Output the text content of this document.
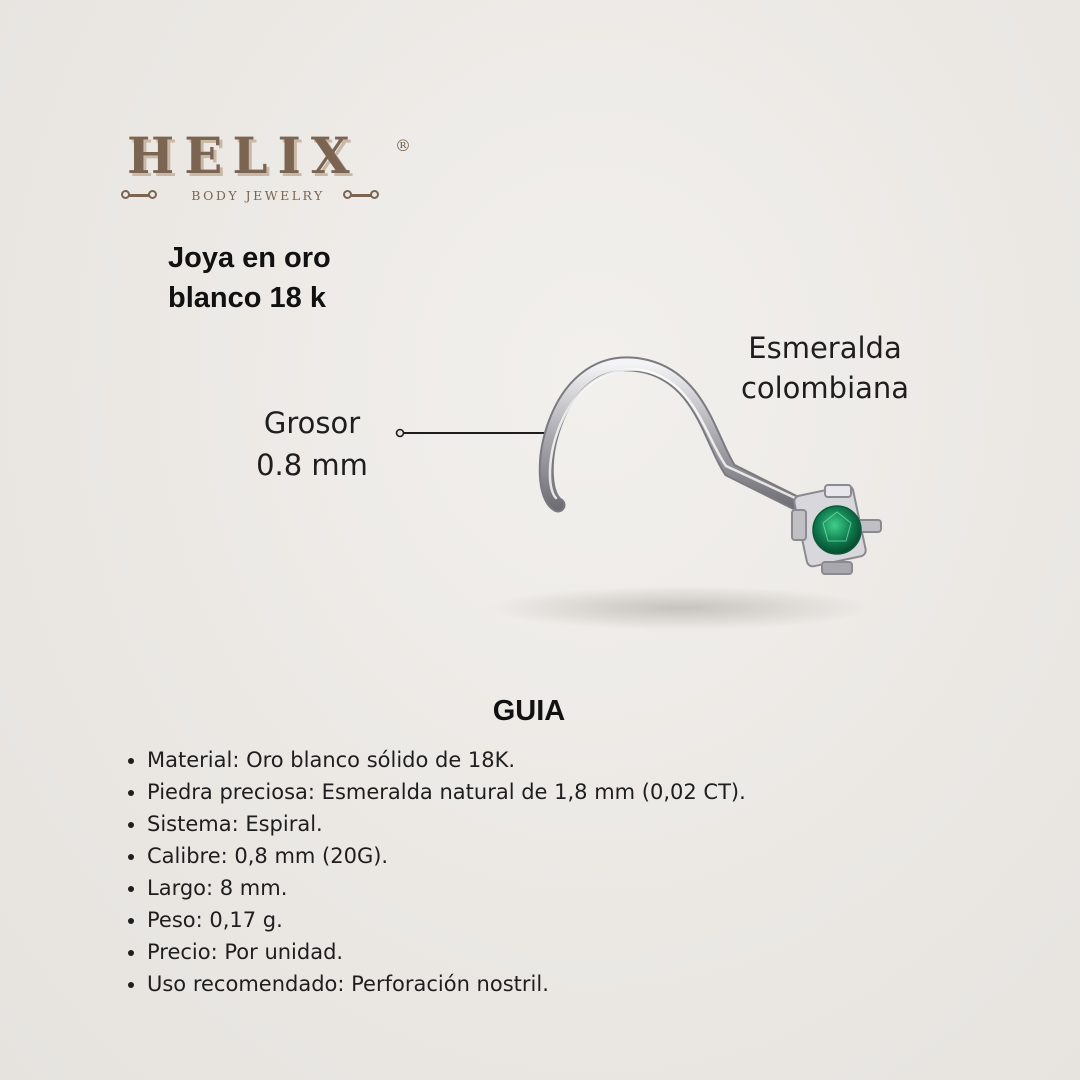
HELIX ®
BODY JEWELRY
Joya en oro
blanco 18 k
Esmeralda
colombiana
Grosor
0.8 mm
GUIA
• Material: Oro blanco sólido de 18K.
• Piedra preciosa: Esmeralda natural de 1,8 mm (0,02 CT).
• Sistema: Espiral.
• Calibre: 0,8 mm (20G).
• Largo: 8 mm.
• Peso: 0,17 g.
• Precio: Por unidad.
• Uso recomendado: Perforación nostril.
